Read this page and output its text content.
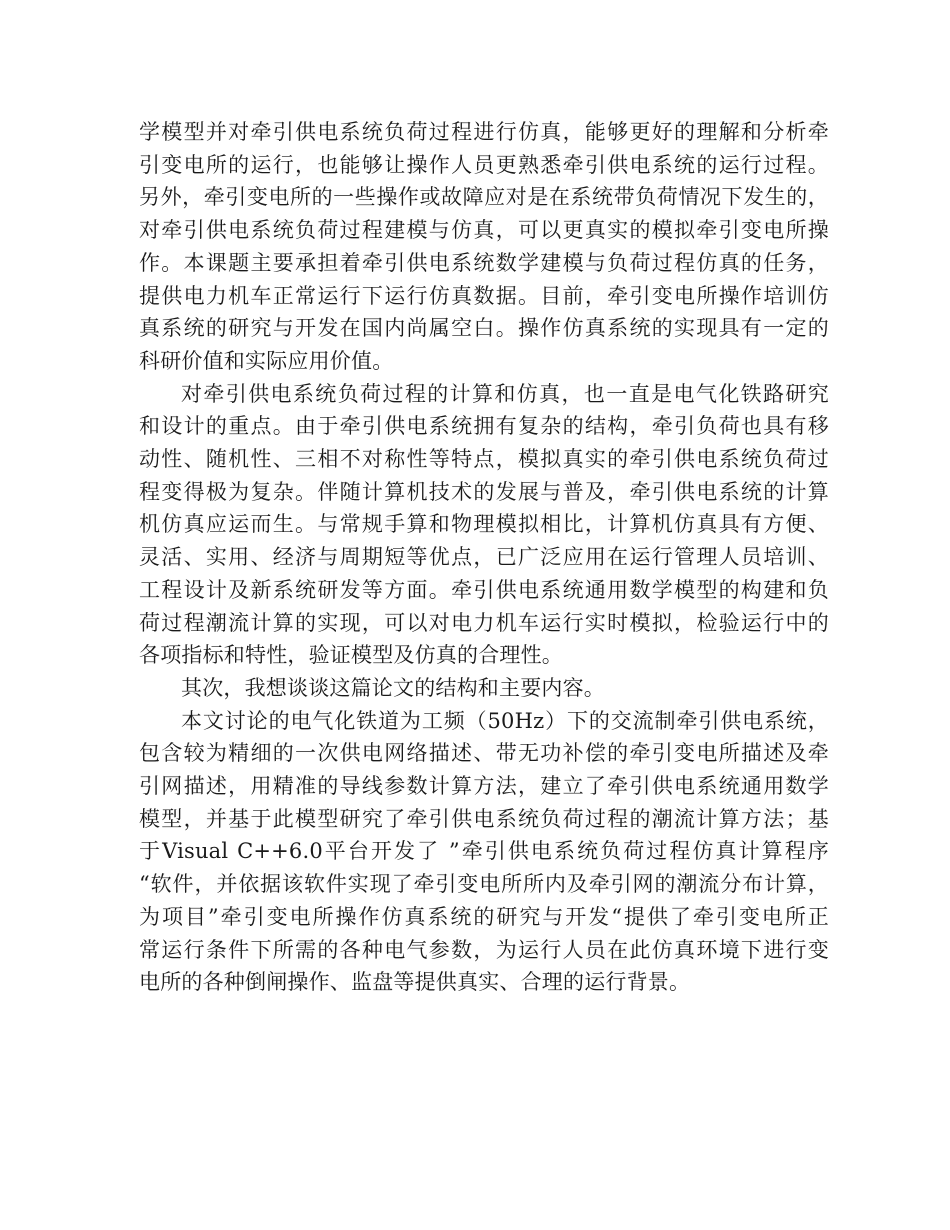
学模型并对牵引供电系统负荷过程进行仿真，能够更好的理解和分析牵
引变电所的运行，也能够让操作人员更熟悉牵引供电系统的运行过程。
另外，牵引变电所的一些操作或故障应对是在系统带负荷情况下发生的，
对牵引供电系统负荷过程建模与仿真，可以更真实的模拟牵引变电所操
作。本课题主要承担着牵引供电系统数学建模与负荷过程仿真的任务，
提供电力机车正常运行下运行仿真数据。目前，牵引变电所操作培训仿
真系统的研究与开发在国内尚属空白。操作仿真系统的实现具有一定的
科研价值和实际应用价值。
对牵引供电系统负荷过程的计算和仿真，也一直是电气化铁路研究
和设计的重点。由于牵引供电系统拥有复杂的结构，牵引负荷也具有移
动性、随机性、三相不对称性等特点，模拟真实的牵引供电系统负荷过
程变得极为复杂。伴随计算机技术的发展与普及，牵引供电系统的计算
机仿真应运而生。与常规手算和物理模拟相比，计算机仿真具有方便、
灵活、实用、经济与周期短等优点，已广泛应用在运行管理人员培训、
工程设计及新系统研发等方面。牵引供电系统通用数学模型的构建和负
荷过程潮流计算的实现，可以对电力机车运行实时模拟，检验运行中的
各项指标和特性，验证模型及仿真的合理性。
其次，我想谈谈这篇论文的结构和主要内容。
本文讨论的电气化铁道为工频（50Hz）下的交流制牵引供电系统，
包含较为精细的一次供电网络描述、带无功补偿的牵引变电所描述及牵
引网描述，用精准的导线参数计算方法，建立了牵引供电系统通用数学
模型，并基于此模型研究了牵引供电系统负荷过程的潮流计算方法；基
于Visual C++6.0平台开发了 ”牵引供电系统负荷过程仿真计算程序
“软件，并依据该软件实现了牵引变电所所内及牵引网的潮流分布计算，
为项目”牵引变电所操作仿真系统的研究与开发“提供了牵引变电所正
常运行条件下所需的各种电气参数，为运行人员在此仿真环境下进行变
电所的各种倒闸操作、监盘等提供真实、合理的运行背景。
